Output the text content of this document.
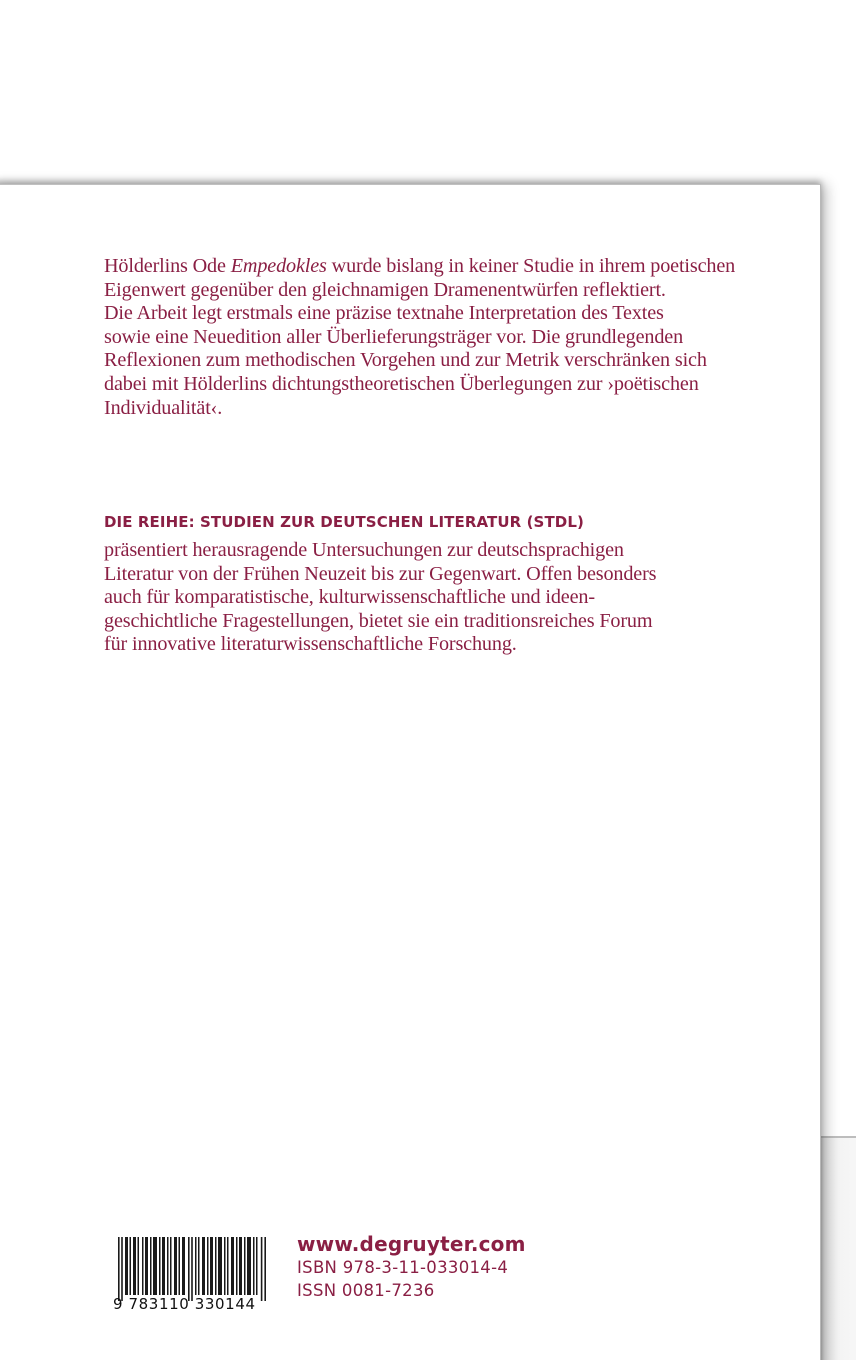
Hölderlins Ode Empedokles wurde bislang in keiner Studie in ihrem poetischen
Eigenwert gegenüber den gleichnamigen Dramenentwürfen reflektiert.
Die Arbeit legt erstmals eine präzise textnahe Interpretation des Textes
sowie eine Neuedition aller Überlieferungsträger vor. Die grundlegenden
Reflexionen zum methodischen Vorgehen und zur Metrik verschränken sich
dabei mit Hölderlins dichtungstheoretischen Überlegungen zur ›poëtischen
Individualität‹.

DIE REIHE: STUDIEN ZUR DEUTSCHEN LITERATUR (STDL)

präsentiert herausragende Untersuchungen zur deutschsprachigen
Literatur von der Frühen Neuzeit bis zur Gegenwart. Offen besonders
auch für komparatistische, kulturwissenschaftliche und ideen-
geschichtliche Fragestellungen, bietet sie ein traditionsreiches Forum
für innovative literaturwissenschaftliche Forschung.

9 783110 330144
www.degruyter.com
ISBN 978-3-11-033014-4
ISSN 0081-7236
